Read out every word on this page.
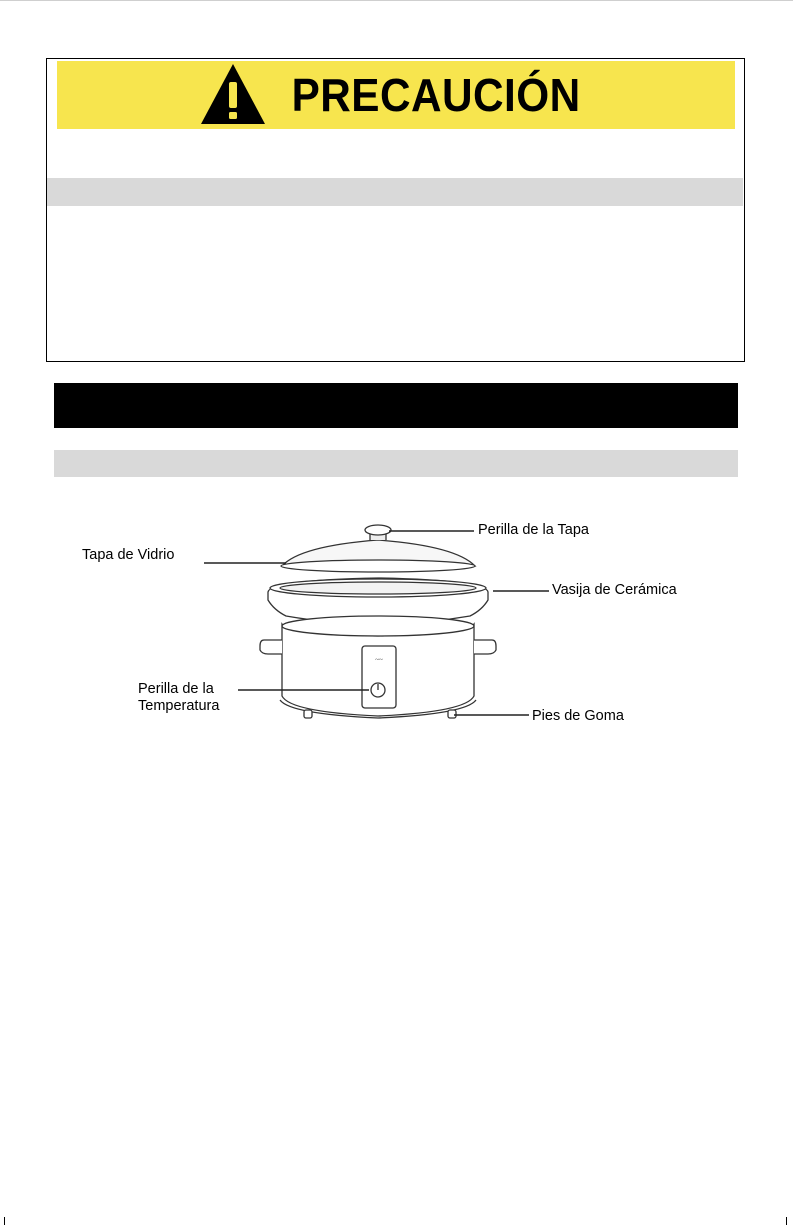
PRECAUCIÓN
~~
Perilla de la Tapa
Tapa de Vidrio
Vasija de Cerámica
Perilla de la
Temperatura
Pies de Goma
